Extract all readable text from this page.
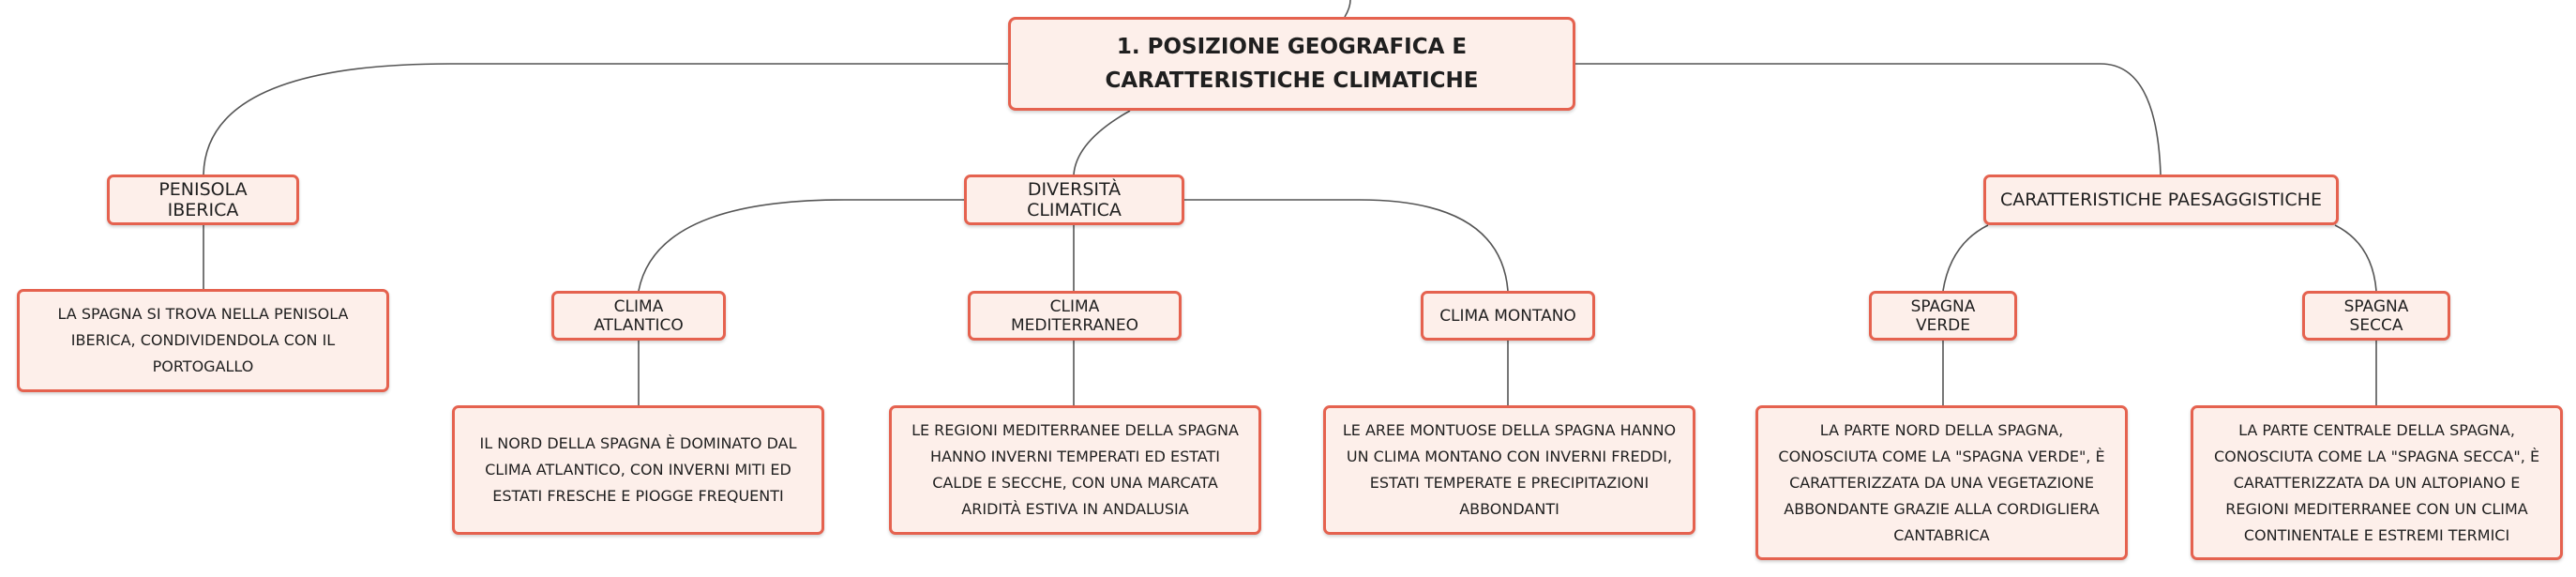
1. POSIZIONE GEOGRAFICA E CARATTERISTICHE CLIMATICHE
PENISOLA IBERICA
LA SPAGNA SI TROVA NELLA PENISOLA IBERICA, CONDIVIDENDOLA CON IL PORTOGALLO
DIVERSITÀ CLIMATICA
CLIMA ATLANTICO
IL NORD DELLA SPAGNA È DOMINATO DAL CLIMA ATLANTICO, CON INVERNI MITI ED ESTATI FRESCHE E PIOGGE FREQUENTI
CLIMA MEDITERRANEO
LE REGIONI MEDITERRANEE DELLA SPAGNA HANNO INVERNI TEMPERATI ED ESTATI CALDE E SECCHE, CON UNA MARCATA ARIDITÀ ESTIVA IN ANDALUSIA
CLIMA MONTANO
LE AREE MONTUOSE DELLA SPAGNA HANNO UN CLIMA MONTANO CON INVERNI FREDDI, ESTATI TEMPERATE E PRECIPITAZIONI ABBONDANTI
CARATTERISTICHE PAESAGGISTICHE
SPAGNA VERDE
LA PARTE NORD DELLA SPAGNA, CONOSCIUTA COME LA "SPAGNA VERDE", È CARATTERIZZATA DA UNA VEGETAZIONE ABBONDANTE GRAZIE ALLA CORDIGLIERA CANTABRICA
SPAGNA SECCA
LA PARTE CENTRALE DELLA SPAGNA, CONOSCIUTA COME LA "SPAGNA SECCA", È CARATTERIZZATA DA UN ALTOPIANO E REGIONI MEDITERRANEE CON UN CLIMA CONTINENTALE E ESTREMI TERMICI
